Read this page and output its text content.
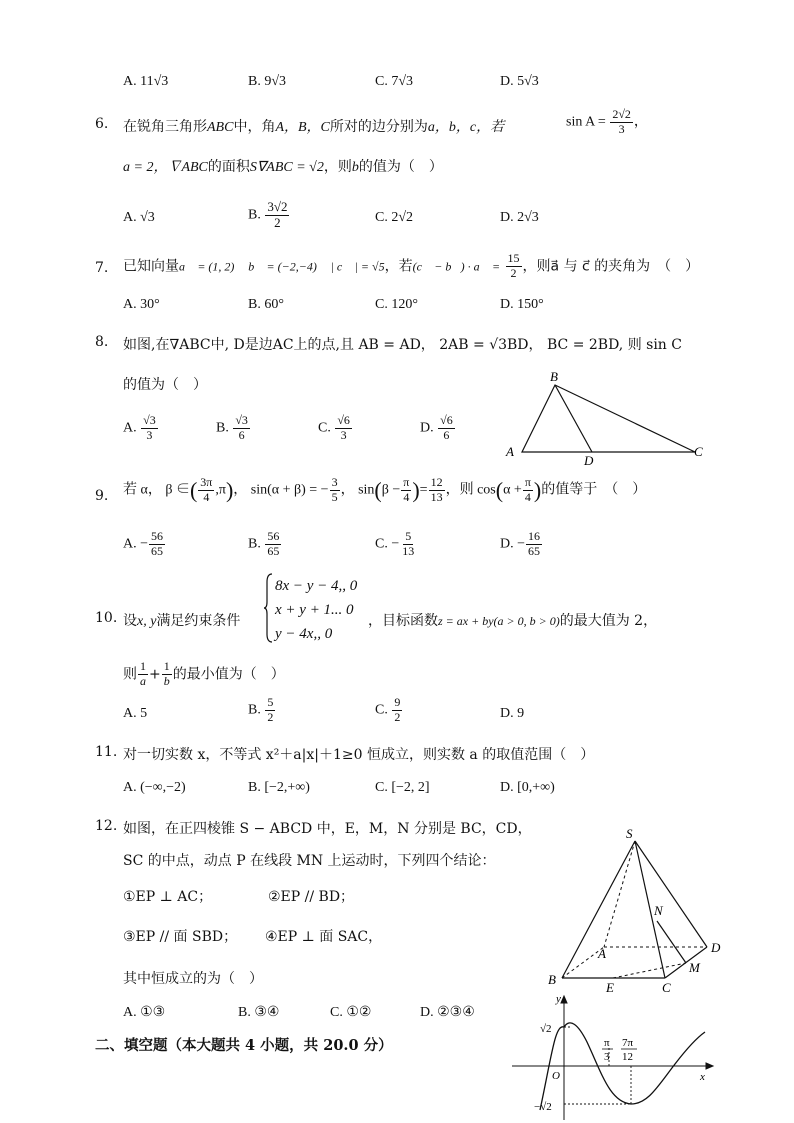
A. 11√3	B. 9√3	C. 7√3	D. 5√3
6. 在锐角三角形ABC中，角A，B，C所对的边分别为a，b，c，若	$\sin A = \frac{2√2}{3}$ ，
a = 2，∇ABC的面积S∇ABC = √2，则b的值为（　）
A. √3	B. $\frac{3√2}{2}$	C. 2√2	D. 2√3
7. 已知向量a⃗ = (1, 2)， b⃗ = (−2,−4)， | c⃗ | = √5，若(c⃗ − b⃗) · a⃗ = $\frac{15}{2}$ ，则a⃗ 与 c⃗ 的夹角为　（　）
A. 30°	B. 60°	C. 120°	D. 150°
8. 如图,在∇ABC中, D是边AC上的点,且 AB = AD， 2AB = √3BD， BC = 2BD, 则 sin C
的值为（　）
A. $\frac{√3}{3}$	B. $\frac{√3}{6}$	C. $\frac{√6}{3}$	D. $\frac{√6}{6}$
B
A
D
C
9. 若 α， β ∈( $\frac{3\pi}{4} ,\pi$)， sin(α + β) = − $\frac{3}{5}$ ， $\sin(\beta - \frac{\pi}{4}$ )= $\frac{12}{13}$ ，则 $\cos(\alpha + \frac{\pi}{4}$ )的值等于　（　）
A. − $\frac{56}{65}$	B. $\frac{56}{65}$	C. − $\frac{5}{13}$	D. − $\frac{16}{65}$
10. 设x, y满足约束条件
8x − y − 4,, 0
x + y + 1... 0
y − 4x,, 0
，目标函数z = ax + by(a > 0, b > 0)的最大值为 2，
则 $\frac{1}{a} + \frac{1}{b}$ 的最小值为（　）
A. 5	B. $\frac{5}{2}$	C. $\frac{9}{2}$	D. 9
11. 对一切实数 x，不等式 x²＋a|x|＋1≥0 恒成立，则实数 a 的取值范围（　）
A. (−∞,−2)	B. [−2,+∞)	C. [−2, 2]	D. [0,+∞)
12. 如图，在正四棱锥 S − ABCD 中，E，M，N 分别是 BC，CD，
SC 的中点，动点 P 在线段 MN 上运动时，下列四个结论：
①EP ⊥ AC；	②EP // BD；
③EP // 面 SBD； ④EP ⊥ 面 SAC，
其中恒成立的为（　）
A. ①③	B. ③④	C. ①②	D. ②③④
S
A
B
C
D
E
M
N
二、填空题（本大题共 4 小题，共 20.0 分）
y
x
O
√2
−√2
π
3
7π
12
